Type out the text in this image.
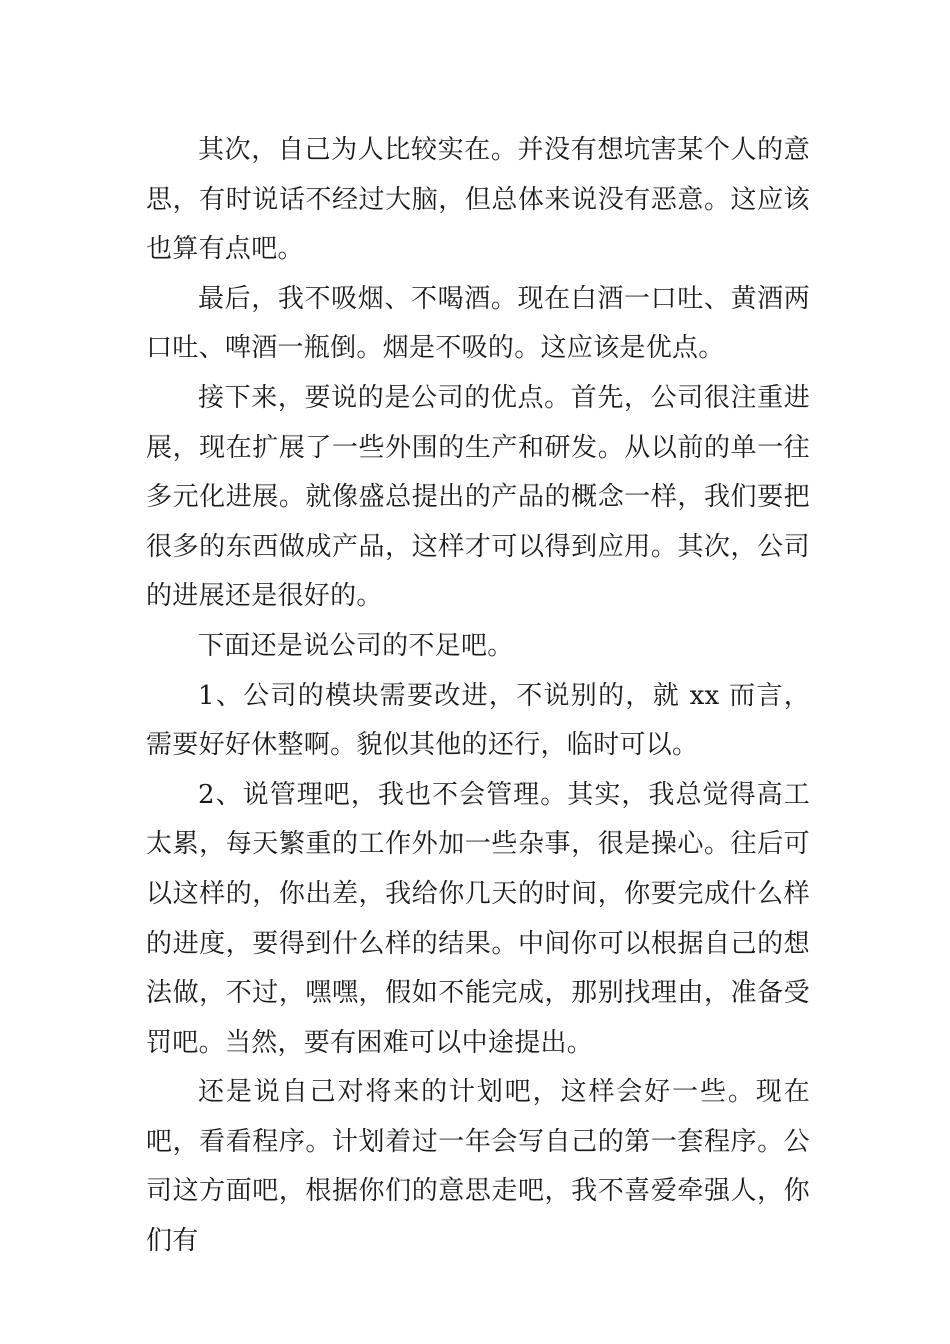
其次，自己为人比较实在。并没有想坑害某个人的意思，有时说话不经过大脑，但总体来说没有恶意。这应该也算有点吧。

最后，我不吸烟、不喝酒。现在白酒一口吐、黄酒两口吐、啤酒一瓶倒。烟是不吸的。这应该是优点。

接下来，要说的是公司的优点。首先，公司很注重进展，现在扩展了一些外围的生产和研发。从以前的单一往多元化进展。就像盛总提出的产品的概念一样，我们要把很多的东西做成产品，这样才可以得到应用。其次，公司的进展还是很好的。

下面还是说公司的不足吧。

1、公司的模块需要改进，不说别的，就 xx 而言，需要好好休整啊。貌似其他的还行，临时可以。

2、说管理吧，我也不会管理。其实，我总觉得高工太累，每天繁重的工作外加一些杂事，很是操心。往后可以这样的，你出差，我给你几天的时间，你要完成什么样的进度，要得到什么样的结果。中间你可以根据自己的想法做，不过，嘿嘿，假如不能完成，那别找理由，准备受罚吧。当然，要有困难可以中途提出。

还是说自己对将来的计划吧，这样会好一些。现在吧，看看程序。计划着过一年会写自己的第一套程序。公司这方面吧，根据你们的意思走吧，我不喜爱牵强人，你们有
